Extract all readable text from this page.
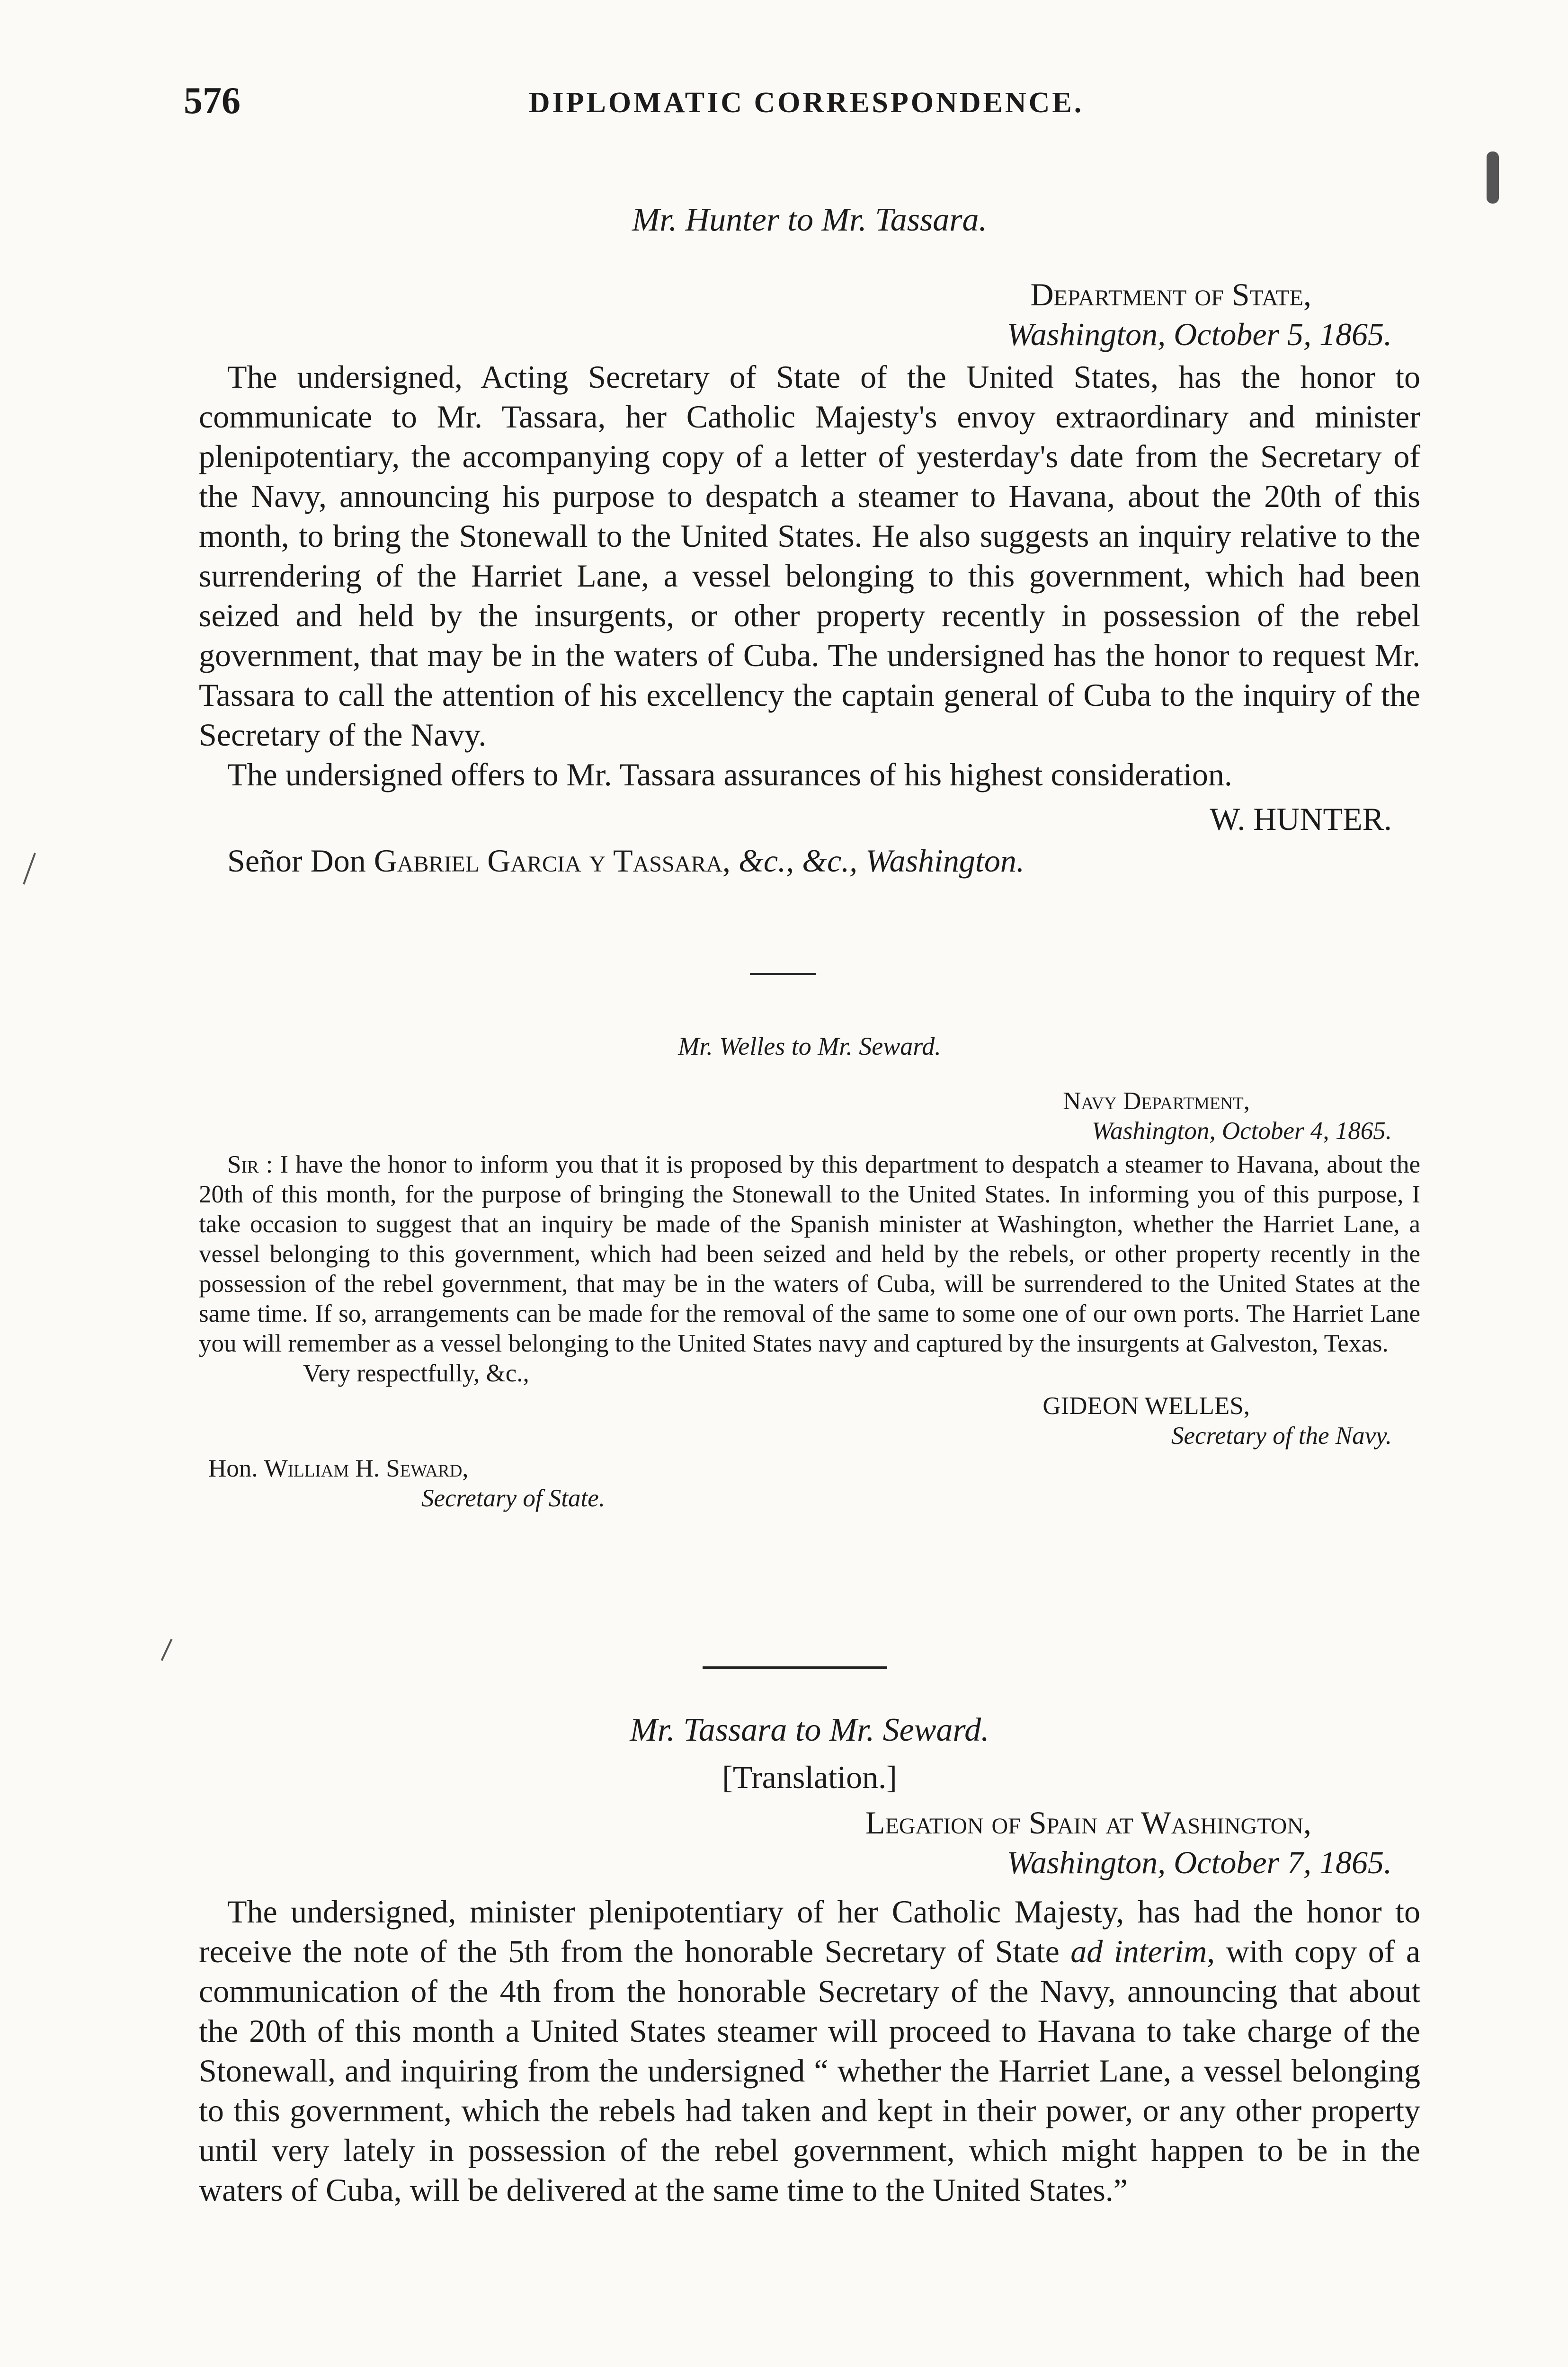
576	DIPLOMATIC CORRESPONDENCE.
Mr. Hunter to Mr. Tassara.
Department of State,
Washington, October 5, 1865.

The undersigned, Acting Secretary of State of the United States, has the honor to communicate to Mr. Tassara, her Catholic Majesty's envoy extraordinary and minister plenipotentiary, the accompanying copy of a letter of yesterday's date from the Secretary of the Navy, announcing his purpose to despatch a steamer to Havana, about the 20th of this month, to bring the Stonewall to the United States. He also suggests an inquiry relative to the surrendering of the Harriet Lane, a vessel belonging to this government, which had been seized and held by the insurgents, or other property recently in possession of the rebel government, that may be in the waters of Cuba. The undersigned has the honor to request Mr. Tassara to call the attention of his excellency the captain general of Cuba to the inquiry of the Secretary of the Navy.

The undersigned offers to Mr. Tassara assurances of his highest consideration.

W. HUNTER.
Señor Don Gabriel Garcia y Tassara, &c., &c., Washington.
Mr. Welles to Mr. Seward.
Navy Department,
Washington, October 4, 1865.

Sir : I have the honor to inform you that it is proposed by this department to despatch a steamer to Havana, about the 20th of this month, for the purpose of bringing the Stonewall to the United States. In informing you of this purpose, I take occasion to suggest that an inquiry be made of the Spanish minister at Washington, whether the Harriet Lane, a vessel belonging to this government, which had been seized and held by the rebels, or other property recently in the possession of the rebel government, that may be in the waters of Cuba, will be surrendered to the United States at the same time. If so, arrangements can be made for the removal of the same to some one of our own ports. The Harriet Lane you will remember as a vessel belonging to the United States navy and captured by the insurgents at Galveston, Texas.

Very respectfully, &c.,
GIDEON WELLES,
Secretary of the Navy.
Hon. William H. Seward,
Secretary of State.
Mr. Tassara to Mr. Seward.
[Translation.]
Legation of Spain at Washington,
Washington, October 7, 1865.

The undersigned, minister plenipotentiary of her Catholic Majesty, has had the honor to receive the note of the 5th from the honorable Secretary of State ad interim, with copy of a communication of the 4th from the honorable Secretary of the Navy, announcing that about the 20th of this month a United States steamer will proceed to Havana to take charge of the Stonewall, and inquiring from the undersigned “ whether the Harriet Lane, a vessel belonging to this government, which the rebels had taken and kept in their power, or any other property until very lately in possession of the rebel government, which might happen to be in the waters of Cuba, will be delivered at the same time to the United States.”
